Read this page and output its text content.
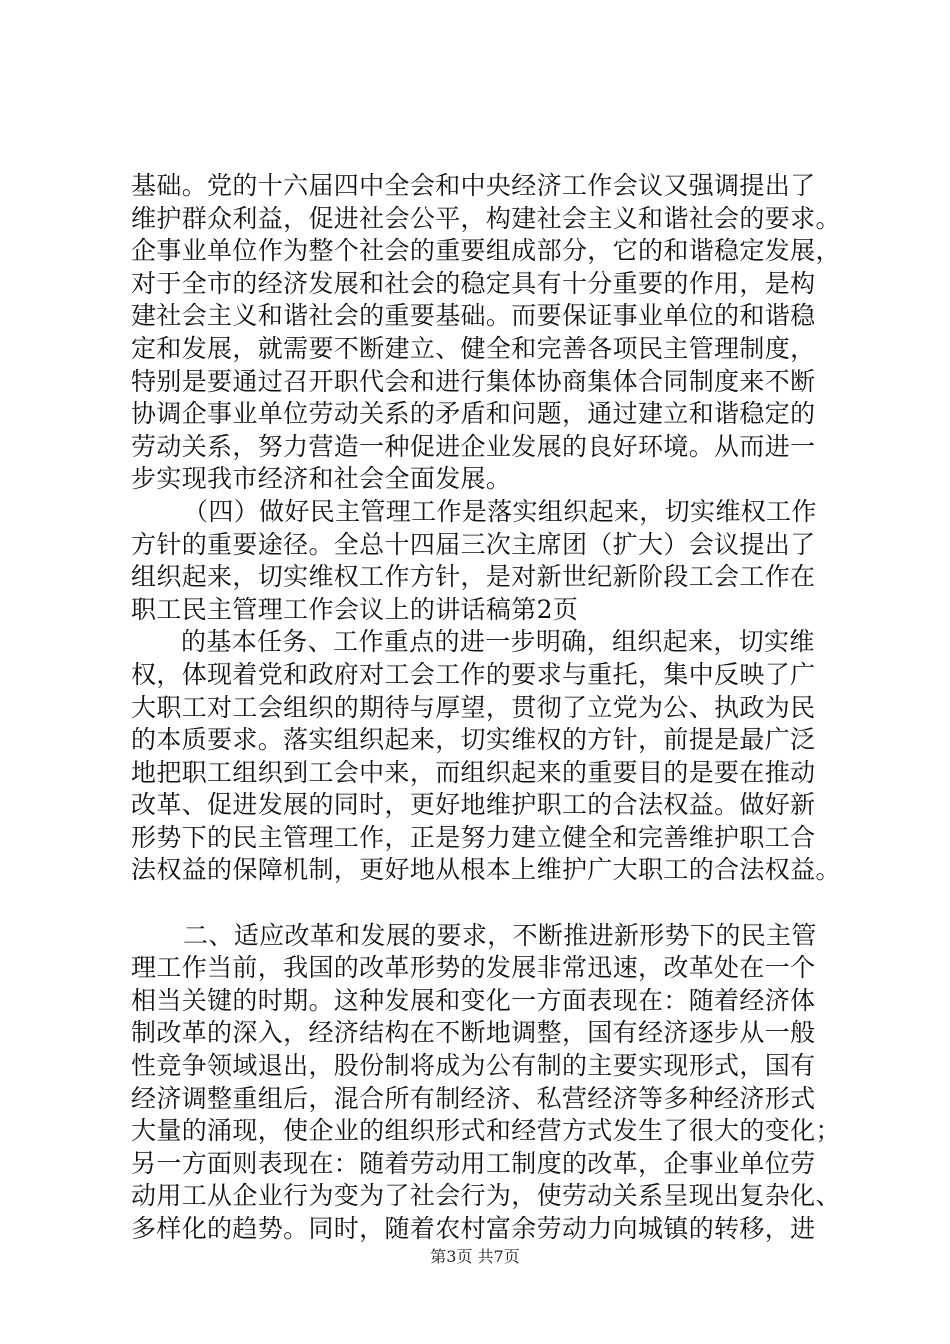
基础。党的十六届四中全会和中央经济工作会议又强调提出了
维护群众利益，促进社会公平，构建社会主义和谐社会的要求。
企事业单位作为整个社会的重要组成部分，它的和谐稳定发展，
对于全市的经济发展和社会的稳定具有十分重要的作用，是构
建社会主义和谐社会的重要基础。而要保证事业单位的和谐稳
定和发展，就需要不断建立、健全和完善各项民主管理制度，
特别是要通过召开职代会和进行集体协商集体合同制度来不断
协调企事业单位劳动关系的矛盾和问题，通过建立和谐稳定的
劳动关系，努力营造一种促进企业发展的良好环境。从而进一
步实现我市经济和社会全面发展。
（四）做好民主管理工作是落实组织起来，切实维权工作
方针的重要途径。全总十四届三次主席团（扩大）会议提出了
组织起来，切实维权工作方针，是对新世纪新阶段工会工作在
职工民主管理工作会议上的讲话稿第2页
的基本任务、工作重点的进一步明确，组织起来，切实维
权，体现着党和政府对工会工作的要求与重托，集中反映了广
大职工对工会组织的期待与厚望，贯彻了立党为公、执政为民
的本质要求。落实组织起来，切实维权的方针，前提是最广泛
地把职工组织到工会中来，而组织起来的重要目的是要在推动
改革、促进发展的同时，更好地维护职工的合法权益。做好新
形势下的民主管理工作，正是努力建立健全和完善维护职工合
法权益的保障机制，更好地从根本上维护广大职工的合法权益。
二、适应改革和发展的要求，不断推进新形势下的民主管
理工作当前，我国的改革形势的发展非常迅速，改革处在一个
相当关键的时期。这种发展和变化一方面表现在：随着经济体
制改革的深入，经济结构在不断地调整，国有经济逐步从一般
性竞争领域退出，股份制将成为公有制的主要实现形式，国有
经济调整重组后，混合所有制经济、私营经济等多种经济形式
大量的涌现，使企业的组织形式和经营方式发生了很大的变化；
另一方面则表现在：随着劳动用工制度的改革，企事业单位劳
动用工从企业行为变为了社会行为，使劳动关系呈现出复杂化、
多样化的趋势。同时，随着农村富余劳动力向城镇的转移，进
第3页 共7页
